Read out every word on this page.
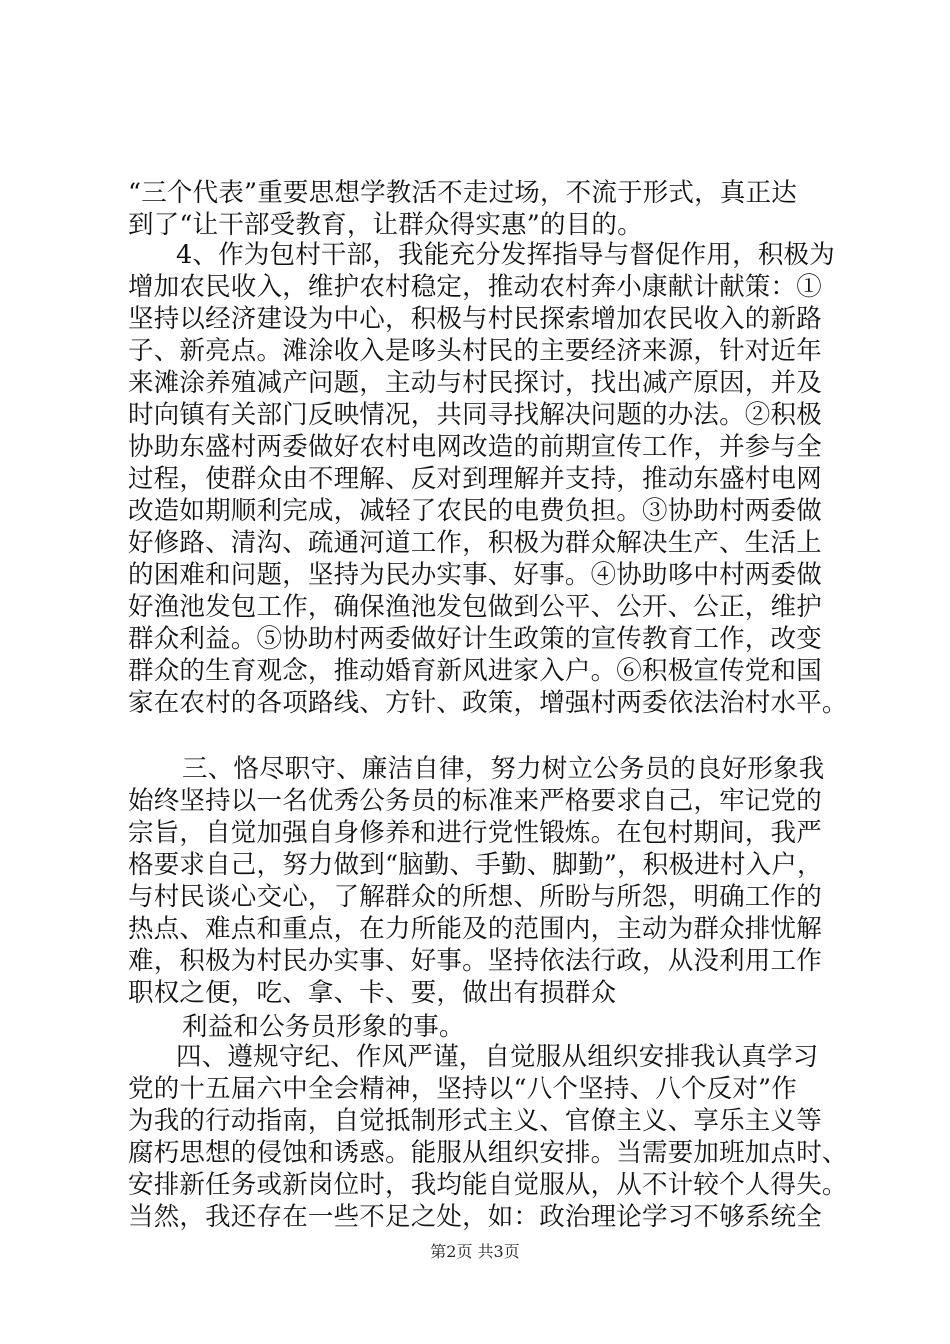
“三个代表”重要思想学教活不走过场，不流于形式，真正达
到了“让干部受教育，让群众得实惠”的目的。
4、作为包村干部，我能充分发挥指导与督促作用，积极为
增加农民收入，维护农村稳定，推动农村奔小康献计献策：①
坚持以经济建设为中心，积极与村民探索增加农民收入的新路
子、新亮点。滩涂收入是哆头村民的主要经济来源，针对近年
来滩涂养殖减产问题，主动与村民探讨，找出减产原因，并及
时向镇有关部门反映情况，共同寻找解决问题的办法。②积极
协助东盛村两委做好农村电网改造的前期宣传工作，并参与全
过程，使群众由不理解、反对到理解并支持，推动东盛村电网
改造如期顺利完成，减轻了农民的电费负担。③协助村两委做
好修路、清沟、疏通河道工作，积极为群众解决生产、生活上
的困难和问题，坚持为民办实事、好事。④协助哆中村两委做
好渔池发包工作，确保渔池发包做到公平、公开、公正，维护
群众利益。⑤协助村两委做好计生政策的宣传教育工作，改变
群众的生育观念，推动婚育新风进家入户。⑥积极宣传党和国
家在农村的各项路线、方针、政策，增强村两委依法治村水平。
三、恪尽职守、廉洁自律，努力树立公务员的良好形象我
始终坚持以一名优秀公务员的标准来严格要求自己，牢记党的
宗旨，自觉加强自身修养和进行党性锻炼。在包村期间，我严
格要求自己，努力做到“脑勤、手勤、脚勤”，积极进村入户，
与村民谈心交心，了解群众的所想、所盼与所怨，明确工作的
热点、难点和重点，在力所能及的范围内，主动为群众排忧解
难，积极为村民办实事、好事。坚持依法行政，从没利用工作
职权之便，吃、拿、卡、要，做出有损群众
利益和公务员形象的事。
四、遵规守纪、作风严谨，自觉服从组织安排我认真学习
党的十五届六中全会精神，坚持以“八个坚持、八个反对”作
为我的行动指南，自觉抵制形式主义、官僚主义、享乐主义等
腐朽思想的侵蚀和诱惑。能服从组织安排。当需要加班加点时、
安排新任务或新岗位时，我均能自觉服从，从不计较个人得失。
当然，我还存在一些不足之处，如：政治理论学习不够系统全
第2页 共3页
